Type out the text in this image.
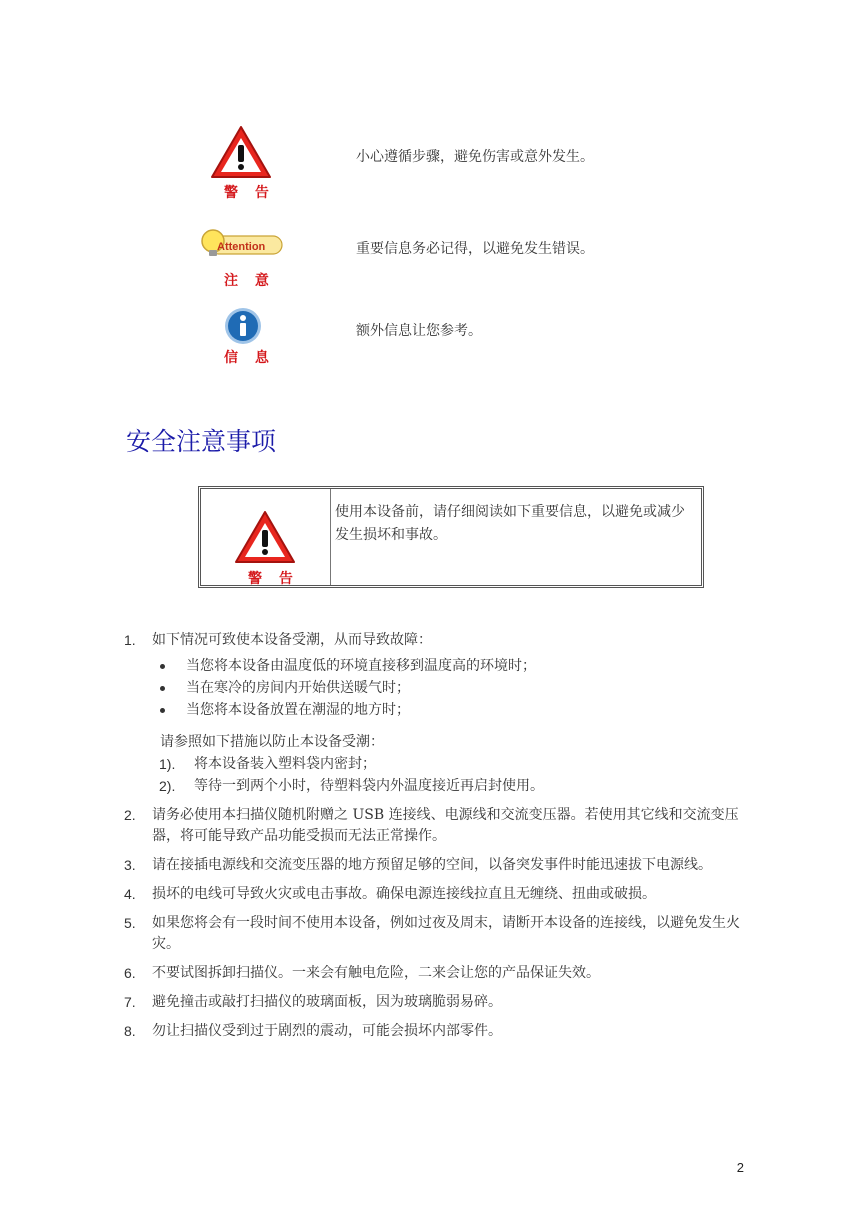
警 告
小心遵循步骤，避免伤害或意外发生。
Attention
注 意
重要信息务必记得，以避免发生错误。
信 息
额外信息让您参考。
安全注意事项
警 告
使用本设备前，请仔细阅读如下重要信息，以避免或减少发生损坏和事故。
1. 如下情况可致使本设备受潮，从而导致故障：
当您将本设备由温度低的环境直接移到温度高的环境时；
当在寒冷的房间内开始供送暖气时；
当您将本设备放置在潮湿的地方时；
请参照如下措施以防止本设备受潮：
1). 将本设备装入塑料袋内密封；
2). 等待一到两个小时，待塑料袋内外温度接近再启封使用。
2. 请务必使用本扫描仪随机附赠之 USB 连接线、电源线和交流变压器。若使用其它线和交流变压器，将可能导致产品功能受损而无法正常操作。
3. 请在接插电源线和交流变压器的地方预留足够的空间，以备突发事件时能迅速拔下电源线。
4. 损坏的电线可导致火灾或电击事故。确保电源连接线拉直且无缠绕、扭曲或破损。
5. 如果您将会有一段时间不使用本设备，例如过夜及周末，请断开本设备的连接线，以避免发生火灾。
6. 不要试图拆卸扫描仪。一来会有触电危险，二来会让您的产品保证失效。
7. 避免撞击或敲打扫描仪的玻璃面板，因为玻璃脆弱易碎。
8. 勿让扫描仪受到过于剧烈的震动，可能会损坏内部零件。
2
